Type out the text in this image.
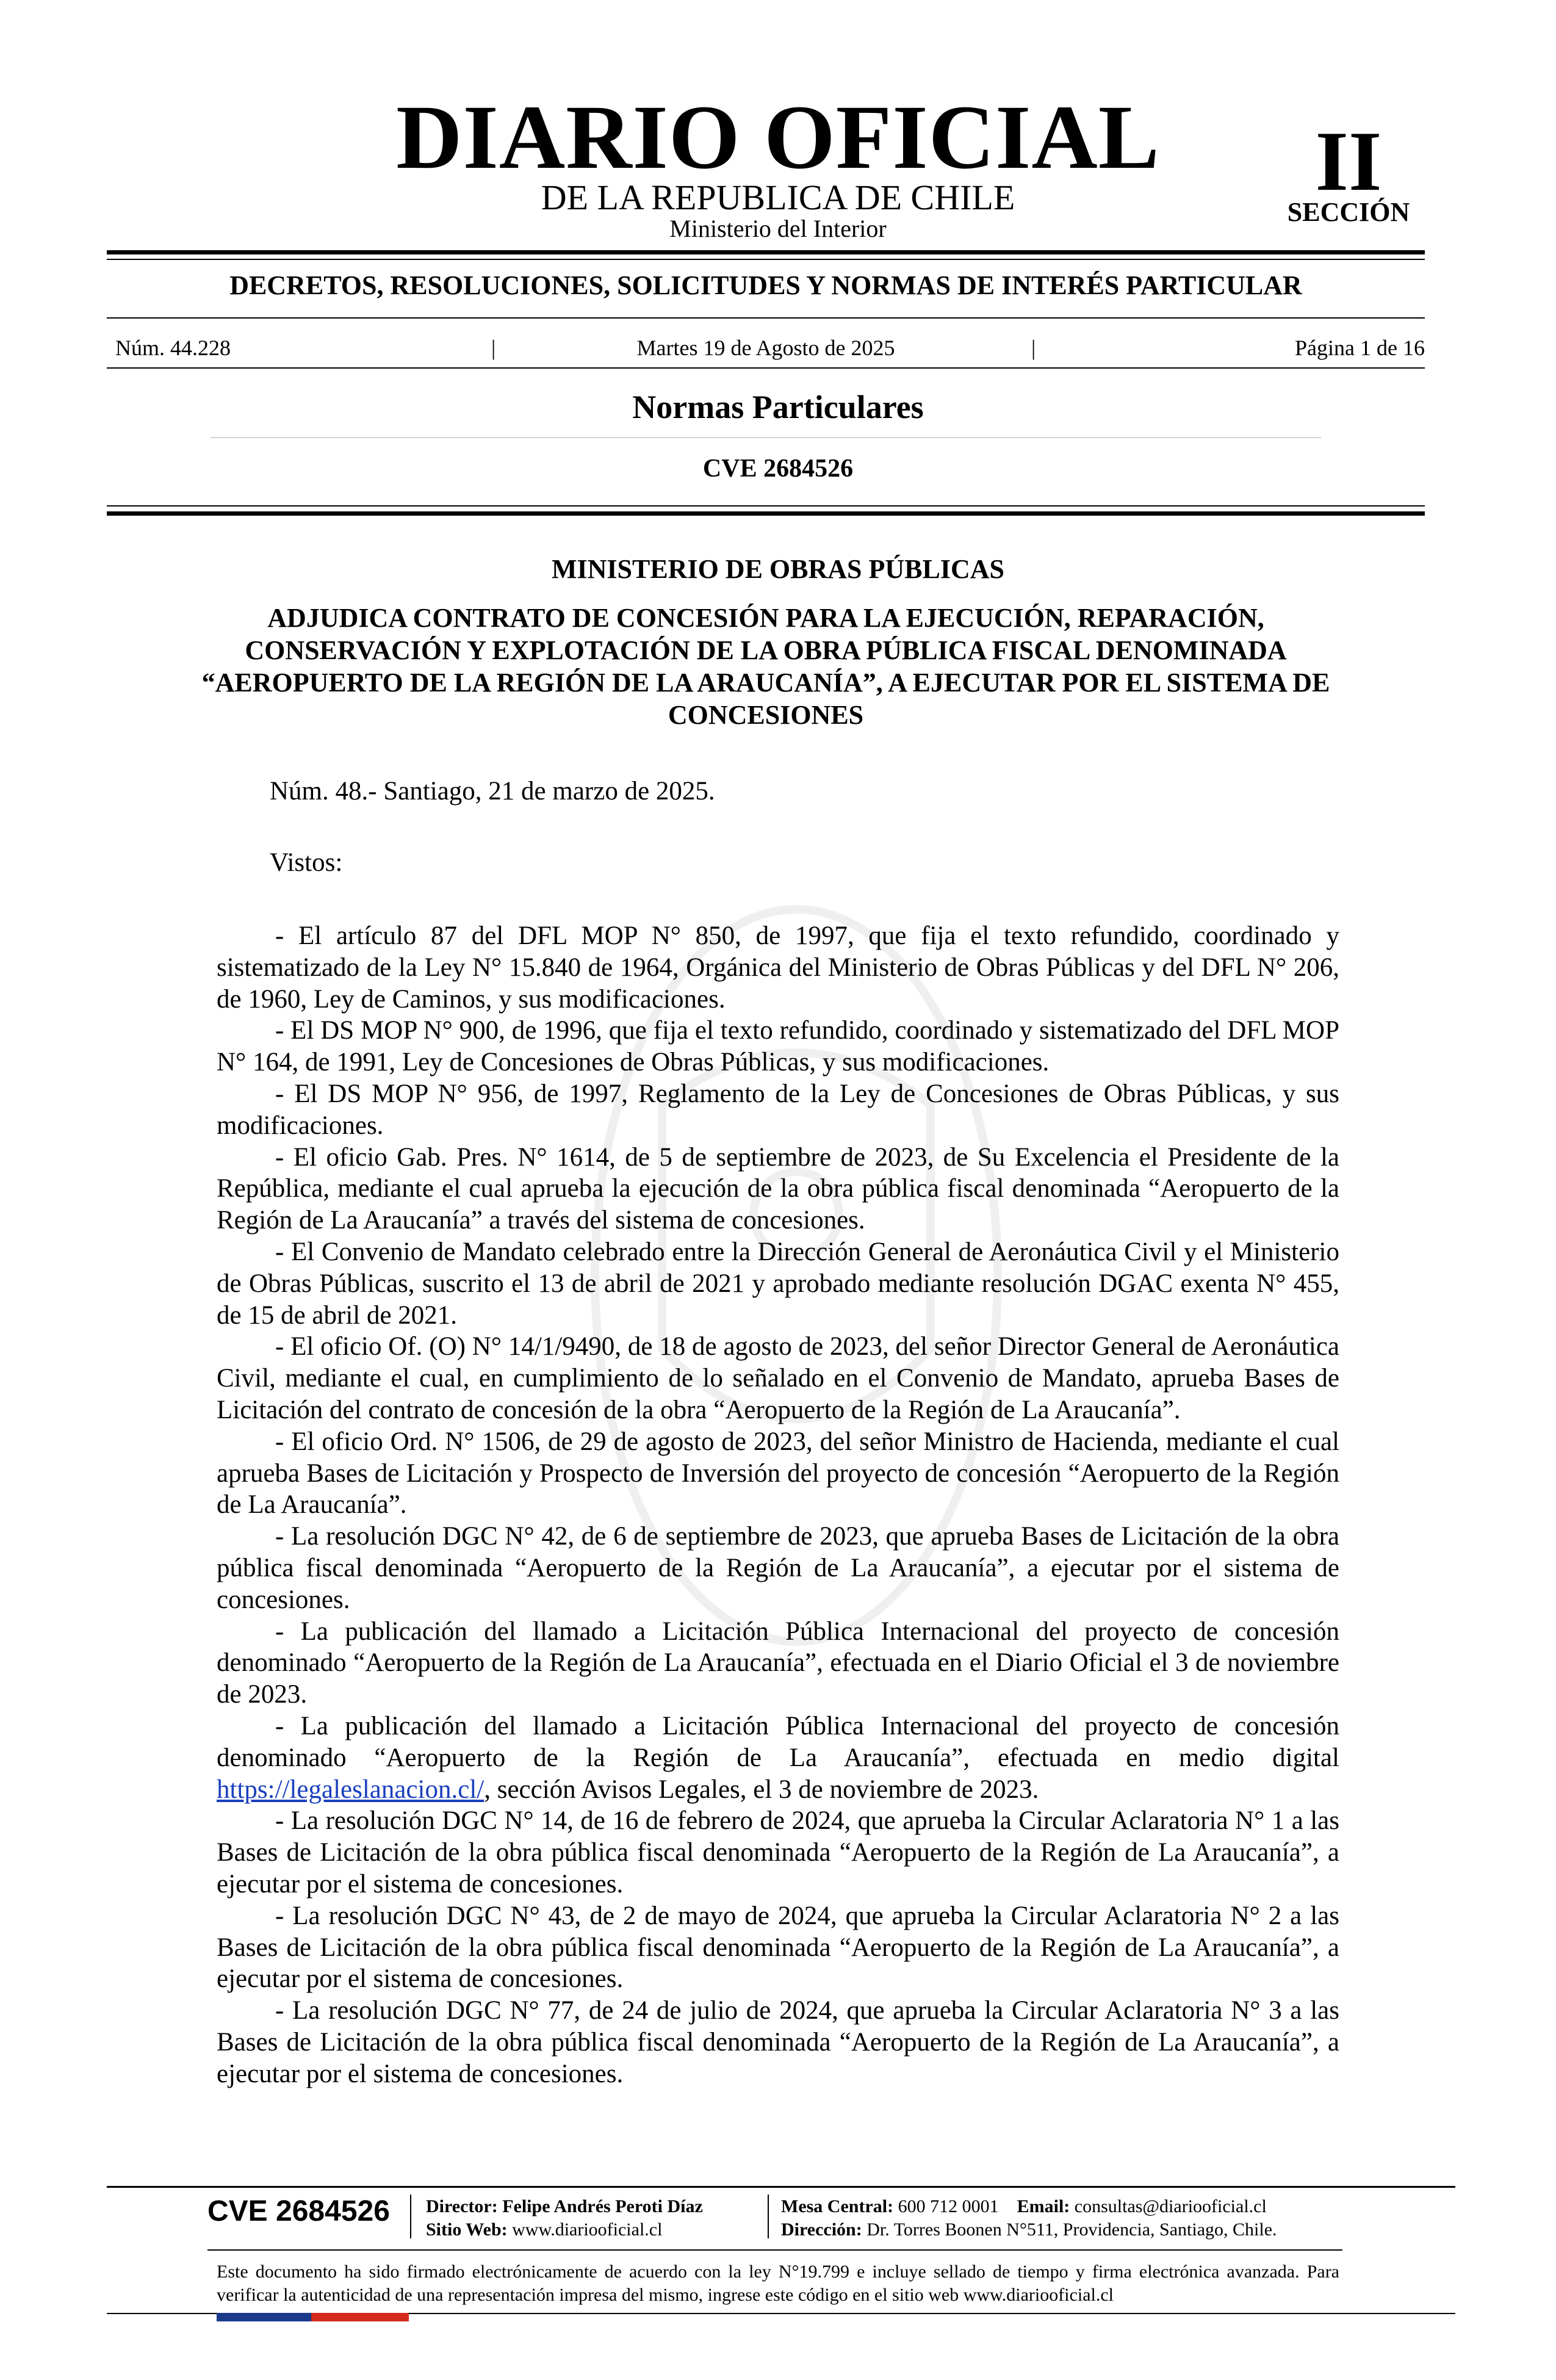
DIARIO OFICIAL
DE LA REPUBLICA DE CHILE
Ministerio del Interior
II
SECCIÓN
DECRETOS, RESOLUCIONES, SOLICITUDES Y NORMAS DE INTERÉS PARTICULAR
Núm. 44.228	|	Martes 19 de Agosto de 2025	|	Página 1 de 16
Normas Particulares
CVE 2684526
MINISTERIO DE OBRAS PÚBLICAS
ADJUDICA CONTRATO DE CONCESIÓN PARA LA EJECUCIÓN, REPARACIÓN, CONSERVACIÓN Y EXPLOTACIÓN DE LA OBRA PÚBLICA FISCAL DENOMINADA “AEROPUERTO DE LA REGIÓN DE LA ARAUCANÍA”, A EJECUTAR POR EL SISTEMA DE CONCESIONES
Núm. 48.- Santiago, 21 de marzo de 2025.
Vistos:

- El artículo 87 del DFL MOP N° 850, de 1997, que fija el texto refundido, coordinado y sistematizado de la Ley N° 15.840 de 1964, Orgánica del Ministerio de Obras Públicas y del DFL N° 206, de 1960, Ley de Caminos, y sus modificaciones.

- El DS MOP N° 900, de 1996, que fija el texto refundido, coordinado y sistematizado del DFL MOP N° 164, de 1991, Ley de Concesiones de Obras Públicas, y sus modificaciones.

- El DS MOP N° 956, de 1997, Reglamento de la Ley de Concesiones de Obras Públicas, y sus modificaciones.

- El oficio Gab. Pres. N° 1614, de 5 de septiembre de 2023, de Su Excelencia el Presidente de la República, mediante el cual aprueba la ejecución de la obra pública fiscal denominada “Aeropuerto de la Región de La Araucanía” a través del sistema de concesiones.

- El Convenio de Mandato celebrado entre la Dirección General de Aeronáutica Civil y el Ministerio de Obras Públicas, suscrito el 13 de abril de 2021 y aprobado mediante resolución DGAC exenta N° 455, de 15 de abril de 2021.

- El oficio Of. (O) N° 14/1/9490, de 18 de agosto de 2023, del señor Director General de Aeronáutica Civil, mediante el cual, en cumplimiento de lo señalado en el Convenio de Mandato, aprueba Bases de Licitación del contrato de concesión de la obra “Aeropuerto de la Región de La Araucanía”.

- El oficio Ord. N° 1506, de 29 de agosto de 2023, del señor Ministro de Hacienda, mediante el cual aprueba Bases de Licitación y Prospecto de Inversión del proyecto de concesión “Aeropuerto de la Región de La Araucanía”.

- La resolución DGC N° 42, de 6 de septiembre de 2023, que aprueba Bases de Licitación de la obra pública fiscal denominada “Aeropuerto de la Región de La Araucanía”, a ejecutar por el sistema de concesiones.

- La publicación del llamado a Licitación Pública Internacional del proyecto de concesión denominado “Aeropuerto de la Región de La Araucanía”, efectuada en el Diario Oficial el 3 de noviembre de 2023.

- La publicación del llamado a Licitación Pública Internacional del proyecto de concesión denominado “Aeropuerto de la Región de La Araucanía”, efectuada en medio digital https://legaleslanacion.cl/, sección Avisos Legales, el 3 de noviembre de 2023.

- La resolución DGC N° 14, de 16 de febrero de 2024, que aprueba la Circular Aclaratoria N° 1 a las Bases de Licitación de la obra pública fiscal denominada “Aeropuerto de la Región de La Araucanía”, a ejecutar por el sistema de concesiones.

- La resolución DGC N° 43, de 2 de mayo de 2024, que aprueba la Circular Aclaratoria N° 2 a las Bases de Licitación de la obra pública fiscal denominada “Aeropuerto de la Región de La Araucanía”, a ejecutar por el sistema de concesiones.

- La resolución DGC N° 77, de 24 de julio de 2024, que aprueba la Circular Aclaratoria N° 3 a las Bases de Licitación de la obra pública fiscal denominada “Aeropuerto de la Región de La Araucanía”, a ejecutar por el sistema de concesiones.

CVE 2684526 Director: Felipe Andrés Peroti Díaz
Sitio Web: www.diariooficial.cl
Mesa Central: 600 712 0001 Email: consultas@diariooficial.cl
Dirección: Dr. Torres Boonen N°511, Providencia, Santiago, Chile.
Este documento ha sido firmado electrónicamente de acuerdo con la ley N°19.799 e incluye sellado de tiempo y firma electrónica avanzada. Para verificar la autenticidad de una representación impresa del mismo, ingrese este código en el sitio web www.diariooficial.cl
